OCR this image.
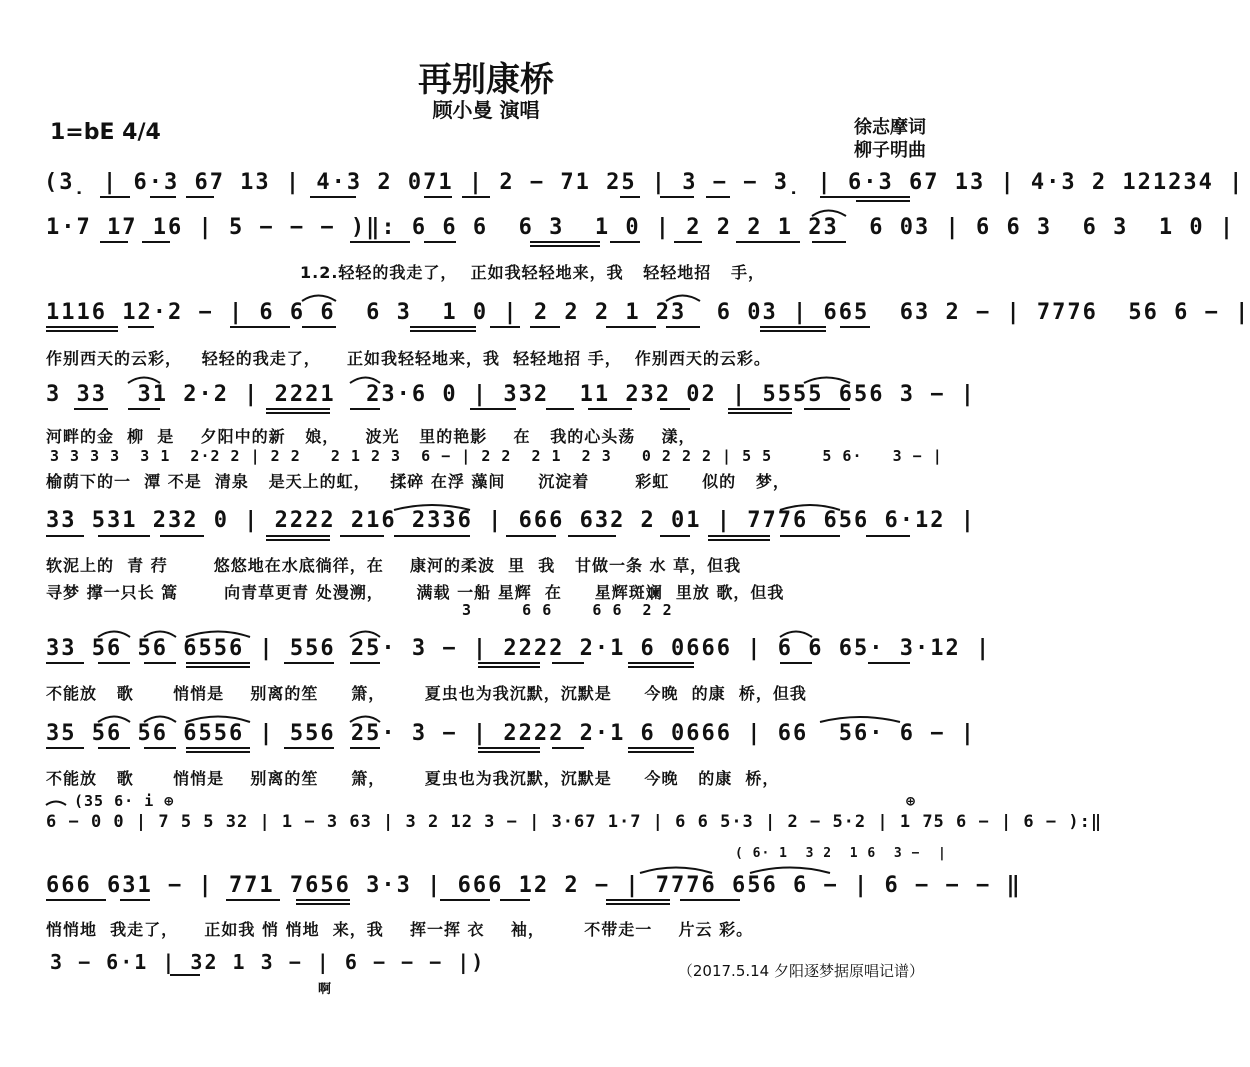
再别康桥
顾小曼 演唱
1=bE 4/4	徐志摩词
柳子明曲
(3̣ | 6·3 67 13 | 4·3 2 071 | 2 − 71 25 | 3 − − 3̣ | 6·3 67 13 | 4·3 2 121234 |
1·7 17 16 | 5 − − − )‖: 6 6 6  6 3  1 0 | 2 2 2 1 23  6 03 | 6 6 3  6 3  1 0 |
1.2.轻轻的我走了，  正如我轻轻地来，我   轻轻地招   手，
1116 12·2 − | 6 6 6  6 3  1 0 | 2 2 2 1 23  6 03 | 665  63 2 − | 7776  56 6 − |
作别西天的云彩，   轻轻的我走了，    正如我轻轻地来，我  轻轻地招 手，  作别西天的云彩。
3 33  31 2·2 | 2221  23·6 0 | 332  11 232 02 | 5555 656 3 − |
河畔的金  柳  是    夕阳中的新   娘，    波光   里的艳影    在   我的心头荡    漾，
3 3 3 3  3 1  2·2 2 | 2 2   2 1 2 3  6 − | 2 2  2 1  2 3   0 2 2 2 | 5 5     5 6·   3 − |
榆荫下的一  潭 不是  清泉   是天上的虹，   揉碎 在浮 藻间     沉淀着       彩虹     似的   梦，
33 531 232 0 | 2222 216 2336 | 666 632 2 01 | 7776 656 6·12 |
软泥上的  青 荇       悠悠地在水底徜徉，在    康河的柔波  里  我   甘做一条 水 草，但我
寻梦 撑一只长 篙       向青草更青 处漫溯，     满载 一船 星辉  在     星辉斑斓  里放 歌，但我
3     6 6    6 6  2 2
33 56 56 6556 | 556 25· 3 − | 2222 2·1 6 0666 | 6 6 65· 3·12 |
不能放   歌      悄悄是    别离的笙     箫，      夏虫也为我沉默，沉默是     今晚  的康  桥，但我
35 56 56 6556 | 556 25· 3 − | 2222 2·1 6 0666 | 66  56· 6 − |
不能放   歌      悄悄是    别离的笙     箫，      夏虫也为我沉默，沉默是     今晚   的康  桥，
(35 6· i ⊕	⊕
6 − 0 0 | 7 5 5 32 | 1 − 3 63 | 3 2 12 3 − | 3·67 1·7 | 6 6 5·3 | 2 − 5·2 | 1 75 6 − | 6 − ):‖
( 6· 1  3 2  1 6  3 −  |
666 631 − | 771 7656 3·3 | 666 12 2 − | 7776 656 6 − | 6 − − − ‖
悄悄地  我走了，    正如我 悄 悄地  来，我    挥一挥 衣    袖，      不带走一    片云 彩。
3 − 6·1 | 32 1 3 − | 6 − − − |)
啊
（2017.5.14 夕阳逐梦据原唱记谱）
